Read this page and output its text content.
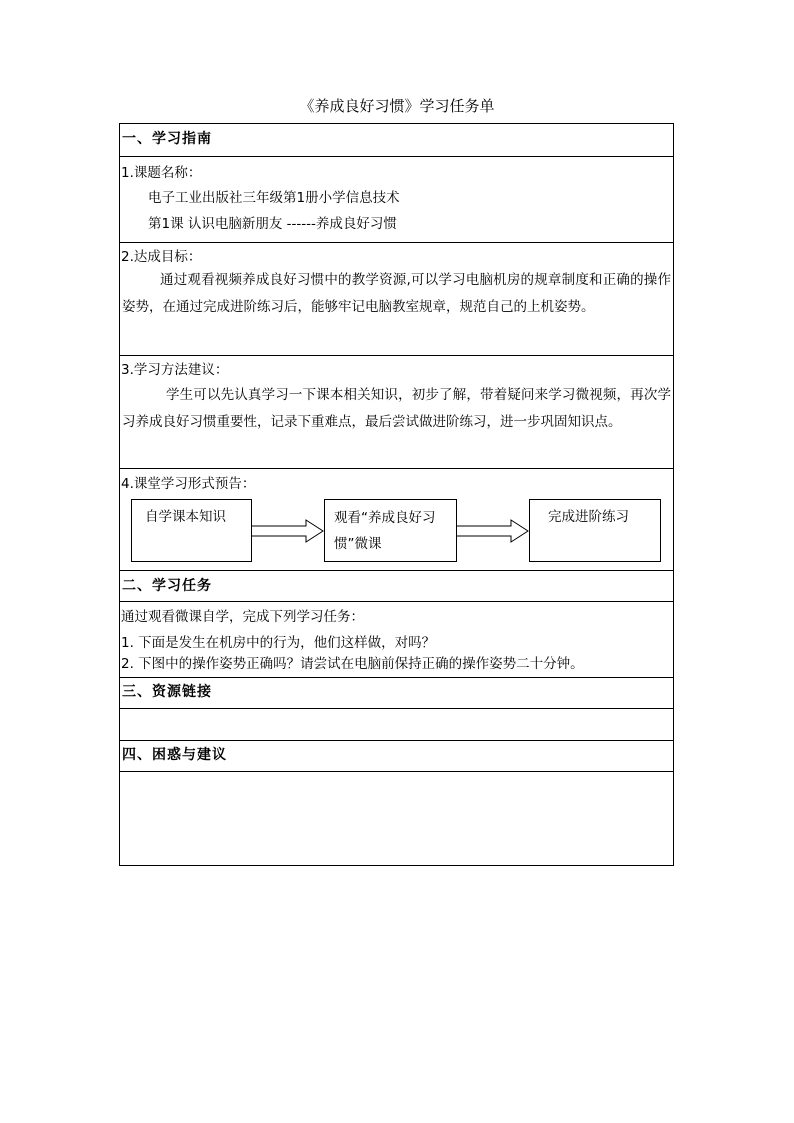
《养成良好习惯》学习任务单
一、学习指南
1.课题名称：
电子工业出版社三年级第1册小学信息技术
第1课 认识电脑新朋友 ------养成良好习惯
2.达成目标：
通过观看视频养成良好习惯中的教学资源,可以学习电脑机房的规章制度和正确的操作姿势，在通过完成进阶练习后，能够牢记电脑教室规章，规范自己的上机姿势。
3.学习方法建议：
学生可以先认真学习一下课本相关知识，初步了解，带着疑问来学习微视频，再次学习养成良好习惯重要性，记录下重难点，最后尝试做进阶练习，进一步巩固知识点。
4.课堂学习形式预告：
自学课本知识	观看“养成良好习惯”微课
完成进阶练习
二、学习任务
通过观看微课自学，完成下列学习任务：
1. 下面是发生在机房中的行为，他们这样做，对吗？
2. 下图中的操作姿势正确吗？请尝试在电脑前保持正确的操作姿势二十分钟。
三、资源链接
四、困惑与建议
